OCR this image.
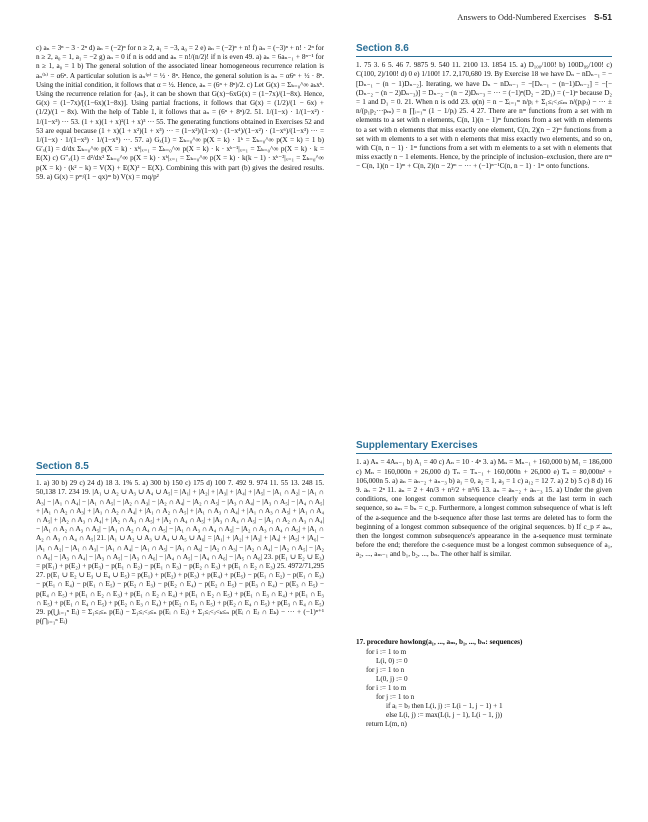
Answers to Odd-Numbered Exercises S-51

c) aₙ = 3ⁿ − 3 · 2ⁿ d) aₙ = (−2)ⁿ for n ≥ 2, a₁ = −3, a₀ = 2 e) aₙ = (−2)ⁿ + n! f) aₙ = (−3)ⁿ + n! · 2ⁿ for n ≥ 2, a₀ = 1, a₁ = −2 g) aₙ = 0 if n is odd and aₙ = n!/(n/2)! if n is even 49. a) aₙ = 6aₙ₋₁ + 8ⁿ⁻¹ for n ≥ 1, a₀ = 1 b) The general solution of the associated linear homogeneous recurrence relation is aₙ⁽ʰ⁾ = α6ⁿ. A particular solution is aₙ⁽ᵖ⁾ = ½ · 8ⁿ. Hence, the general solution is aₙ = α6ⁿ + ½ · 8ⁿ. Using the initial condition, it follows that α = ½. Hence, aₙ = (6ⁿ + 8ⁿ)/2. c) Let G(x) = Σₖ₌₀^∞ aₖxᵏ. Using the recurrence relation for {aₖ}, it can be shown that G(x)−6xG(x) = (1−7x)/(1−8x). Hence, G(x) = (1−7x)/[(1−6x)(1−8x)]. Using partial fractions, it follows that G(x) = (1/2)/(1 − 6x) + (1/2)/(1 − 8x). With the help of Table 1, it follows that aₙ = (6ⁿ + 8ⁿ)/2. 51. 1/(1−x) · 1/(1−x²) · 1/(1−x³) ··· 53. (1 + x)(1 + x)²(1 + x)³ ··· 55. The generating functions obtained in Exercises 52 and 53 are equal because (1 + x)(1 + x²)(1 + x³) ··· = (1−x²)/(1−x) · (1−x⁴)/(1−x²) · (1−x⁶)/(1−x³) ··· = 1/(1−x) · 1/(1−x³) · 1/(1−x⁵) ···. 57. a) Gₓ(1) = Σₖ₌₀^∞ p(X = k) · 1ᵏ = Σₖ₌₀^∞ p(X = k) = 1 b) G′ₓ(1) = d/dx Σₖ₌₀^∞ p(X = k) · xᵏ|ₓ₌₁ = Σₖ₌₀^∞ p(X = k) · k · xᵏ⁻¹|ₓ₌₁ = Σₖ₌₀^∞ p(X = k) · k = E(X) c) G″ₓ(1) = d²/dx² Σₖ₌₀^∞ p(X = k) · xᵏ|ₓ₌₁ = Σₖ₌₀^∞ p(X = k) · k(k − 1) · xᵏ⁻²|ₓ₌₁ = Σₖ₌₀^∞ p(X = k) · (k² − k) = V(X) + E(X)² − E(X). Combining this with part (b) gives the desired results. 59. a) G(x) = pᵐ/(1 − qx)ᵐ b) V(x) = mq/p²

Section 8.5

1. a) 30 b) 29 c) 24 d) 18 3. 1% 5. a) 300 b) 150 c) 175 d) 100 7. 492 9. 974 11. 55 13. 248 15. 50,138 17. 234 19. |A₁ ∪ A₂ ∪ A₃ ∪ A₄ ∪ A₅| = |A₁| + |A₂| + |A₃| + |A₄| + |A₅| − |A₁ ∩ A₂| − |A₁ ∩ A₃| − |A₁ ∩ A₄| − |A₁ ∩ A₅| − |A₂ ∩ A₃| − |A₂ ∩ A₄| − |A₂ ∩ A₅| − |A₃ ∩ A₄| − |A₃ ∩ A₅| − |A₄ ∩ A₅| + |A₁ ∩ A₂ ∩ A₃| + |A₁ ∩ A₂ ∩ A₄| + |A₁ ∩ A₂ ∩ A₅| + |A₁ ∩ A₃ ∩ A₄| + |A₁ ∩ A₃ ∩ A₅| + |A₁ ∩ A₄ ∩ A₅| + |A₂ ∩ A₃ ∩ A₄| + |A₂ ∩ A₃ ∩ A₅| + |A₂ ∩ A₄ ∩ A₅| + |A₃ ∩ A₄ ∩ A₅| − |A₁ ∩ A₂ ∩ A₃ ∩ A₄| − |A₁ ∩ A₂ ∩ A₃ ∩ A₅| − |A₁ ∩ A₂ ∩ A₄ ∩ A₅| − |A₁ ∩ A₃ ∩ A₄ ∩ A₅| − |A₂ ∩ A₃ ∩ A₄ ∩ A₅| + |A₁ ∩ A₂ ∩ A₃ ∩ A₄ ∩ A₅| 21. |A₁ ∪ A₂ ∪ A₃ ∪ A₄ ∪ A₅ ∪ A₆| = |A₁| + |A₂| + |A₃| + |A₄| + |A₅| + |A₆| − |A₁ ∩ A₂| − |A₁ ∩ A₃| − |A₁ ∩ A₄| − |A₁ ∩ A₅| − |A₁ ∩ A₆| − |A₂ ∩ A₃| − |A₂ ∩ A₄| − |A₂ ∩ A₅| − |A₂ ∩ A₆| − |A₃ ∩ A₄| − |A₃ ∩ A₅| − |A₃ ∩ A₆| − |A₄ ∩ A₅| − |A₄ ∩ A₆| − |A₅ ∩ A₆| 23. p(E₁ ∪ E₂ ∪ E₃) = p(E₁) + p(E₂) + p(E₃) − p(E₁ ∩ E₂) − p(E₁ ∩ E₃) − p(E₂ ∩ E₃) + p(E₁ ∩ E₂ ∩ E₃) 25. 4972/71,295 27. p(E₁ ∪ E₂ ∪ E₃ ∪ E₄ ∪ E₅) = p(E₁) + p(E₂) + p(E₃) + p(E₄) + p(E₅) − p(E₁ ∩ E₂) − p(E₁ ∩ E₃) − p(E₁ ∩ E₄) − p(E₁ ∩ E₅) − p(E₂ ∩ E₃) − p(E₂ ∩ E₄) − p(E₂ ∩ E₅) − p(E₃ ∩ E₄) − p(E₃ ∩ E₅) − p(E₄ ∩ E₅) + p(E₁ ∩ E₂ ∩ E₃) + p(E₁ ∩ E₂ ∩ E₄) + p(E₁ ∩ E₂ ∩ E₅) + p(E₁ ∩ E₃ ∩ E₄) + p(E₁ ∩ E₃ ∩ E₅) + p(E₁ ∩ E₄ ∩ E₅) + p(E₂ ∩ E₃ ∩ E₄) + p(E₂ ∩ E₃ ∩ E₅) + p(E₂ ∩ E₄ ∩ E₅) + p(E₃ ∩ E₄ ∩ E₅) 29. p(⋃ᵢ₌₁ⁿ Eᵢ) = Σ₁≤ᵢ≤ₙ p(Eᵢ) − Σ₁≤ᵢ<ⱼ≤ₙ p(Eᵢ ∩ Eⱼ) + Σ₁≤ᵢ<ⱼ<ₖ≤ₙ p(Eᵢ ∩ Eⱼ ∩ Eₖ) − ··· + (−1)ⁿ⁺¹ p(⋂ᵢ₌₁ⁿ Eᵢ)

Section 8.6

1. 75 3. 6 5. 46 7. 9875 9. 540 11. 2100 13. 1854 15. a) D₁₀₀/100! b) 100D₉₉/100! c) C(100, 2)/100! d) 0 e) 1/100! 17. 2,170,680 19. By Exercise 18 we have Dₙ − nDₙ₋₁ = −[Dₙ₋₁ − (n − 1)Dₙ₋₂]. Iterating, we have Dₙ − nDₙ₋₁ = −[Dₙ₋₁ − (n−1)Dₙ₋₂] = −[−(Dₙ₋₂ − (n − 2)Dₙ₋₃)] = Dₙ₋₂ − (n − 2)Dₙ₋₃ = ··· = (−1)ⁿ(D₂ − 2D₁) = (−1)ⁿ because D₂ = 1 and D₁ = 0. 21. When n is odd 23. φ(n) = n − Σᵢ₌₁ᵐ n/pᵢ + Σ₁≤ᵢ<ⱼ≤ₘ n/(pᵢpⱼ) − ··· ± n/(p₁p₂···pₘ) = n ∏ᵢ₌₁ᵐ (1 − 1/pᵢ) 25. 4 27. There are nᵐ functions from a set with m elements to a set with n elements, C(n, 1)(n − 1)ᵐ functions from a set with m elements to a set with n elements that miss exactly one element, C(n, 2)(n − 2)ᵐ functions from a set with m elements to a set with n elements that miss exactly two elements, and so on, with C(n, n − 1) · 1ᵐ functions from a set with m elements to a set with n elements that miss exactly n − 1 elements. Hence, by the principle of inclusion–exclusion, there are nᵐ − C(n, 1)(n − 1)ᵐ + C(n, 2)(n − 2)ᵐ − ··· + (−1)ⁿ⁻¹C(n, n − 1) · 1ᵐ onto functions.

Supplementary Exercises

1. a) Aₙ = 4Aₙ₋₁ b) A₁ = 40 c) Aₙ = 10 · 4ⁿ 3. a) Mₙ = Mₙ₋₁ + 160,000 b) M₁ = 186,000 c) Mₙ = 160,000n + 26,000 d) Tₙ = Tₙ₋₁ + 160,000n + 26,000 e) Tₙ = 80,000n² + 106,000n 5. a) aₙ = aₙ₋₂ + aₙ₋₃ b) a₁ = 0, a₂ = 1, a₃ = 1 c) a₁₂ = 12 7. a) 2 b) 5 c) 8 d) 16 9. aₙ = 2ⁿ 11. aₙ = 2 + 4n/3 + n²/2 + n³/6 13. aₙ = aₙ₋₂ + aₙ₋₃ 15. a) Under the given conditions, one longest common subsequence clearly ends at the last term in each sequence, so aₘ = bₙ = c_p. Furthermore, a longest common subsequence of what is left of the a-sequence and the b-sequence after those last terms are deleted has to form the beginning of a longest common subsequence of the original sequences. b) If c_p ≠ aₘ, then the longest common subsequence's appearance in the a-sequence must terminate before the end; therefore the c-sequence must be a longest common subsequence of a₁, a₂, ..., aₘ₋₁ and b₁, b₂, ..., bₙ. The other half is similar.

17. procedure howlong(a₁, ..., aₘ, b₁, ..., bₙ: sequences)
for i := 1 to m
L(i, 0) := 0
for j := 1 to n
L(0, j) := 0
for i := 1 to m
for j := 1 to n
if aᵢ = bⱼ then L(i, j) := L(i − 1, j − 1) + 1
else L(i, j) := max(L(i, j − 1), L(i − 1, j))
return L(m, n)
